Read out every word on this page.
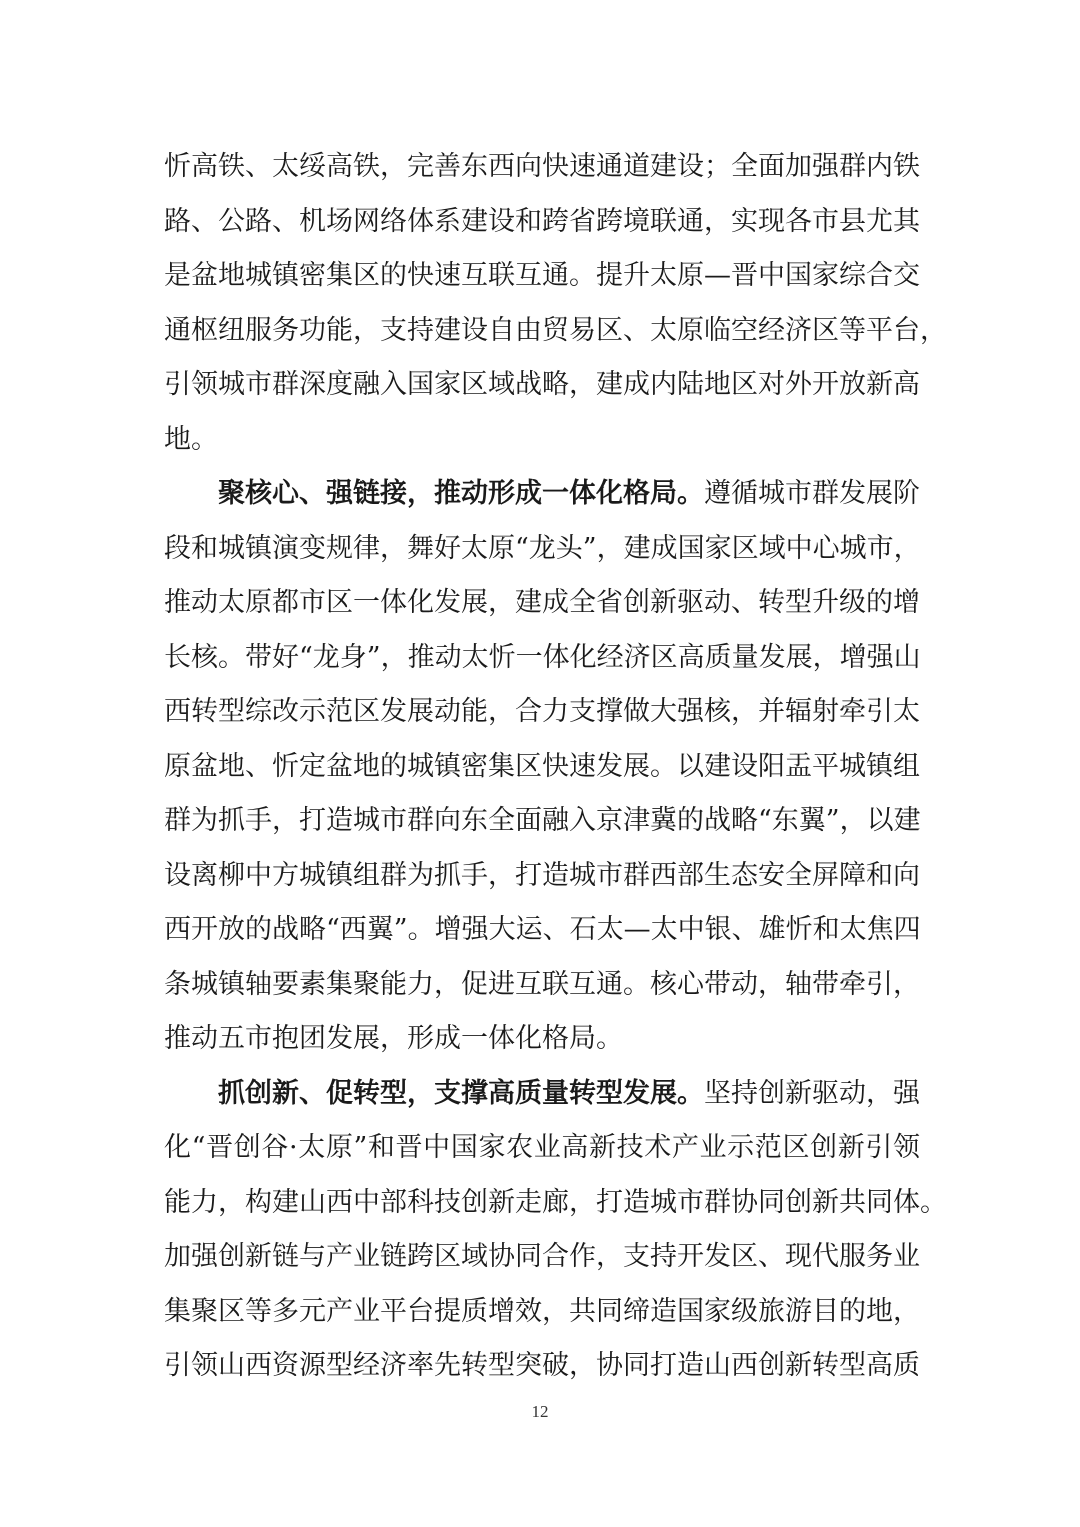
忻高铁、太绥高铁，完善东西向快速通道建设；全面加强群内铁
路、公路、机场网络体系建设和跨省跨境联通，实现各市县尤其
是盆地城镇密集区的快速互联互通。提升太原—晋中国家综合交
通枢纽服务功能，支持建设自由贸易区、太原临空经济区等平台，
引领城市群深度融入国家区域战略，建成内陆地区对外开放新高
地。
聚核心、强链接，推动形成一体化格局。遵循城市群发展阶
段和城镇演变规律，舞好太原“龙头”，建成国家区域中心城市，
推动太原都市区一体化发展，建成全省创新驱动、转型升级的增
长核。带好“龙身”，推动太忻一体化经济区高质量发展，增强山
西转型综改示范区发展动能，合力支撑做大强核，并辐射牵引太
原盆地、忻定盆地的城镇密集区快速发展。以建设阳盂平城镇组
群为抓手，打造城市群向东全面融入京津冀的战略“东翼”，以建
设离柳中方城镇组群为抓手，打造城市群西部生态安全屏障和向
西开放的战略“西翼”。增强大运、石太—太中银、雄忻和太焦四
条城镇轴要素集聚能力，促进互联互通。核心带动，轴带牵引，
推动五市抱团发展，形成一体化格局。
抓创新、促转型，支撑高质量转型发展。坚持创新驱动，强
化“晋创谷·太原”和晋中国家农业高新技术产业示范区创新引领
能力，构建山西中部科技创新走廊，打造城市群协同创新共同体。
加强创新链与产业链跨区域协同合作，支持开发区、现代服务业
集聚区等多元产业平台提质增效，共同缔造国家级旅游目的地，
引领山西资源型经济率先转型突破，协同打造山西创新转型高质
12
